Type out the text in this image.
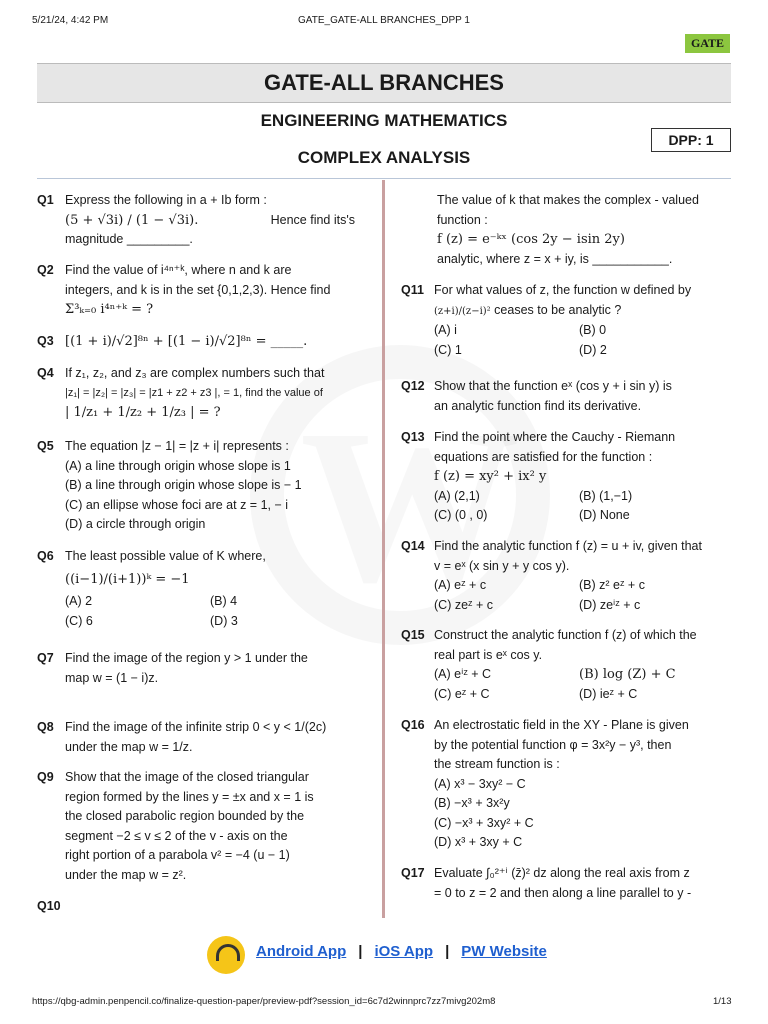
5/21/24, 4:42 PM	GATE_GATE-ALL BRANCHES_DPP 1
GATE
GATE-ALL BRANCHES
ENGINEERING MATHEMATICS
DPP: 1
COMPLEX ANALYSIS
Q1 Express the following in a + Ib form :
(5 + √3i) / (1 − √3i).	Hence find its's
magnitude _________.
Q2 Find the value of i⁴ⁿ⁺ᵏ, where n and k are
integers, and k is in the set {0,1,2,3). Hence find
Σ³ₖ₌₀ i⁴ⁿ⁺ᵏ = ?
Q3 [(1 + i)/√2]⁸ⁿ + [(1 − i)/√2]⁸ⁿ = _____.
Q4 If z₁, z₂, and z₃ are complex numbers such that
|z₁| = |z₂| = |z₃| = |z1 + z2 + z3 |, = 1, find the value of
| 1/z₁ + 1/z₂ + 1/z₃ | = ?
Q5 The equation |z − 1| = |z + i| represents :
(A) a line through origin whose slope is 1
(B) a line through origin whose slope is − 1
(C) an ellipse whose foci are at z = 1, − i
(D) a circle through origin
Q6 The least possible value of K where,
((i−1)/(i+1))ᵏ = −1
(A) 2	(B) 4
(C) 6	(D) 3
Q7 Find the image of the region y > 1 under the
map w = (1 − i)z.
Q8 Find the image of the infinite strip 0 < y < 1/(2c)
under the map w = 1/z.
Q9 Show that the image of the closed triangular
region formed by the lines y = ±x and x = 1 is
the closed parabolic region bounded by the
segment −2 ≤ v ≤ 2 of the v - axis on the
right portion of a parabola v² = −4 (u − 1)
under the map w = z².
Q10
The value of k that makes the complex - valued
function :
f (z) = e⁻ᵏˣ (cos 2y − isin 2y)
analytic, where z = x + iy, is ___________.
Q11 For what values of z, the function w defined by
(z+i)/(z−i)² ceases to be analytic ?
(A) i	(B) 0
(C) 1	(D) 2
Q12 Show that the function eˣ (cos y + i sin y) is
an analytic function find its derivative.
Q13 Find the point where the Cauchy - Riemann
equations are satisfied for the function :
f (z) = xy² + ix² y
(A) (2,1)	(B) (1,−1)
(C) (0 , 0)	(D) None
Q14 Find the analytic function f (z) = u + iv, given that
v = eˣ (x sin y + y cos y).
(A) eᶻ + c	(B) z² eᶻ + c
(C) zeᶻ + c	(D) zeⁱᶻ + c
Q15 Construct the analytic function f (z) of which the
real part is eˣ cos y.
(A) eⁱᶻ + C	(B) log (Z) + C
(C) eᶻ + C	(D) ieᶻ + C
Q16 An electrostatic field in the XY - Plane is given
by the potential function φ = 3x²y − y³, then
the stream function is :
(A) x³ − 3xy² − C
(B) −x³ + 3x²y
(C) −x³ + 3xy² + C
(D) x³ + 3xy + C
Q17 Evaluate ∫₀²⁺ⁱ (z̄)² dz along the real axis from z
= 0 to z = 2 and then along a line parallel to y -
Android App | iOS App | PW Website
https://qbg-admin.penpencil.co/finalize-question-paper/preview-pdf?session_id=6c7d2winnprc7zz7mivg202m8	1/13
